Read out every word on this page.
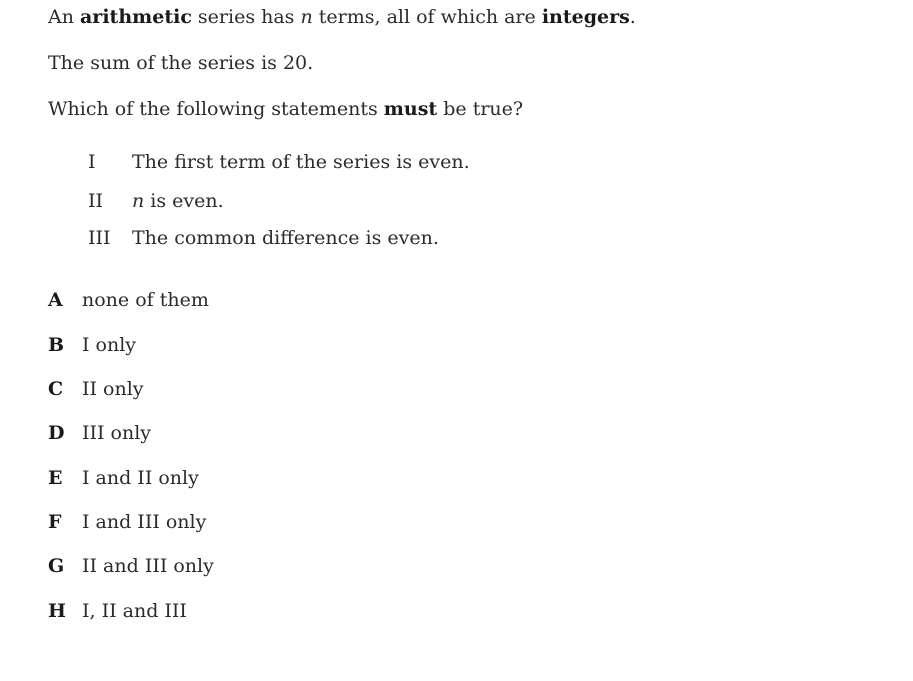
An arithmetic series has n terms, all of which are integers.
The sum of the series is 20.
Which of the following statements must be true?
I The first term of the series is even.
II n is even.
III The common difference is even.
A none of them
B I only
C II only
D III only
E I and II only
F I and III only
G II and III only
H I, II and III
